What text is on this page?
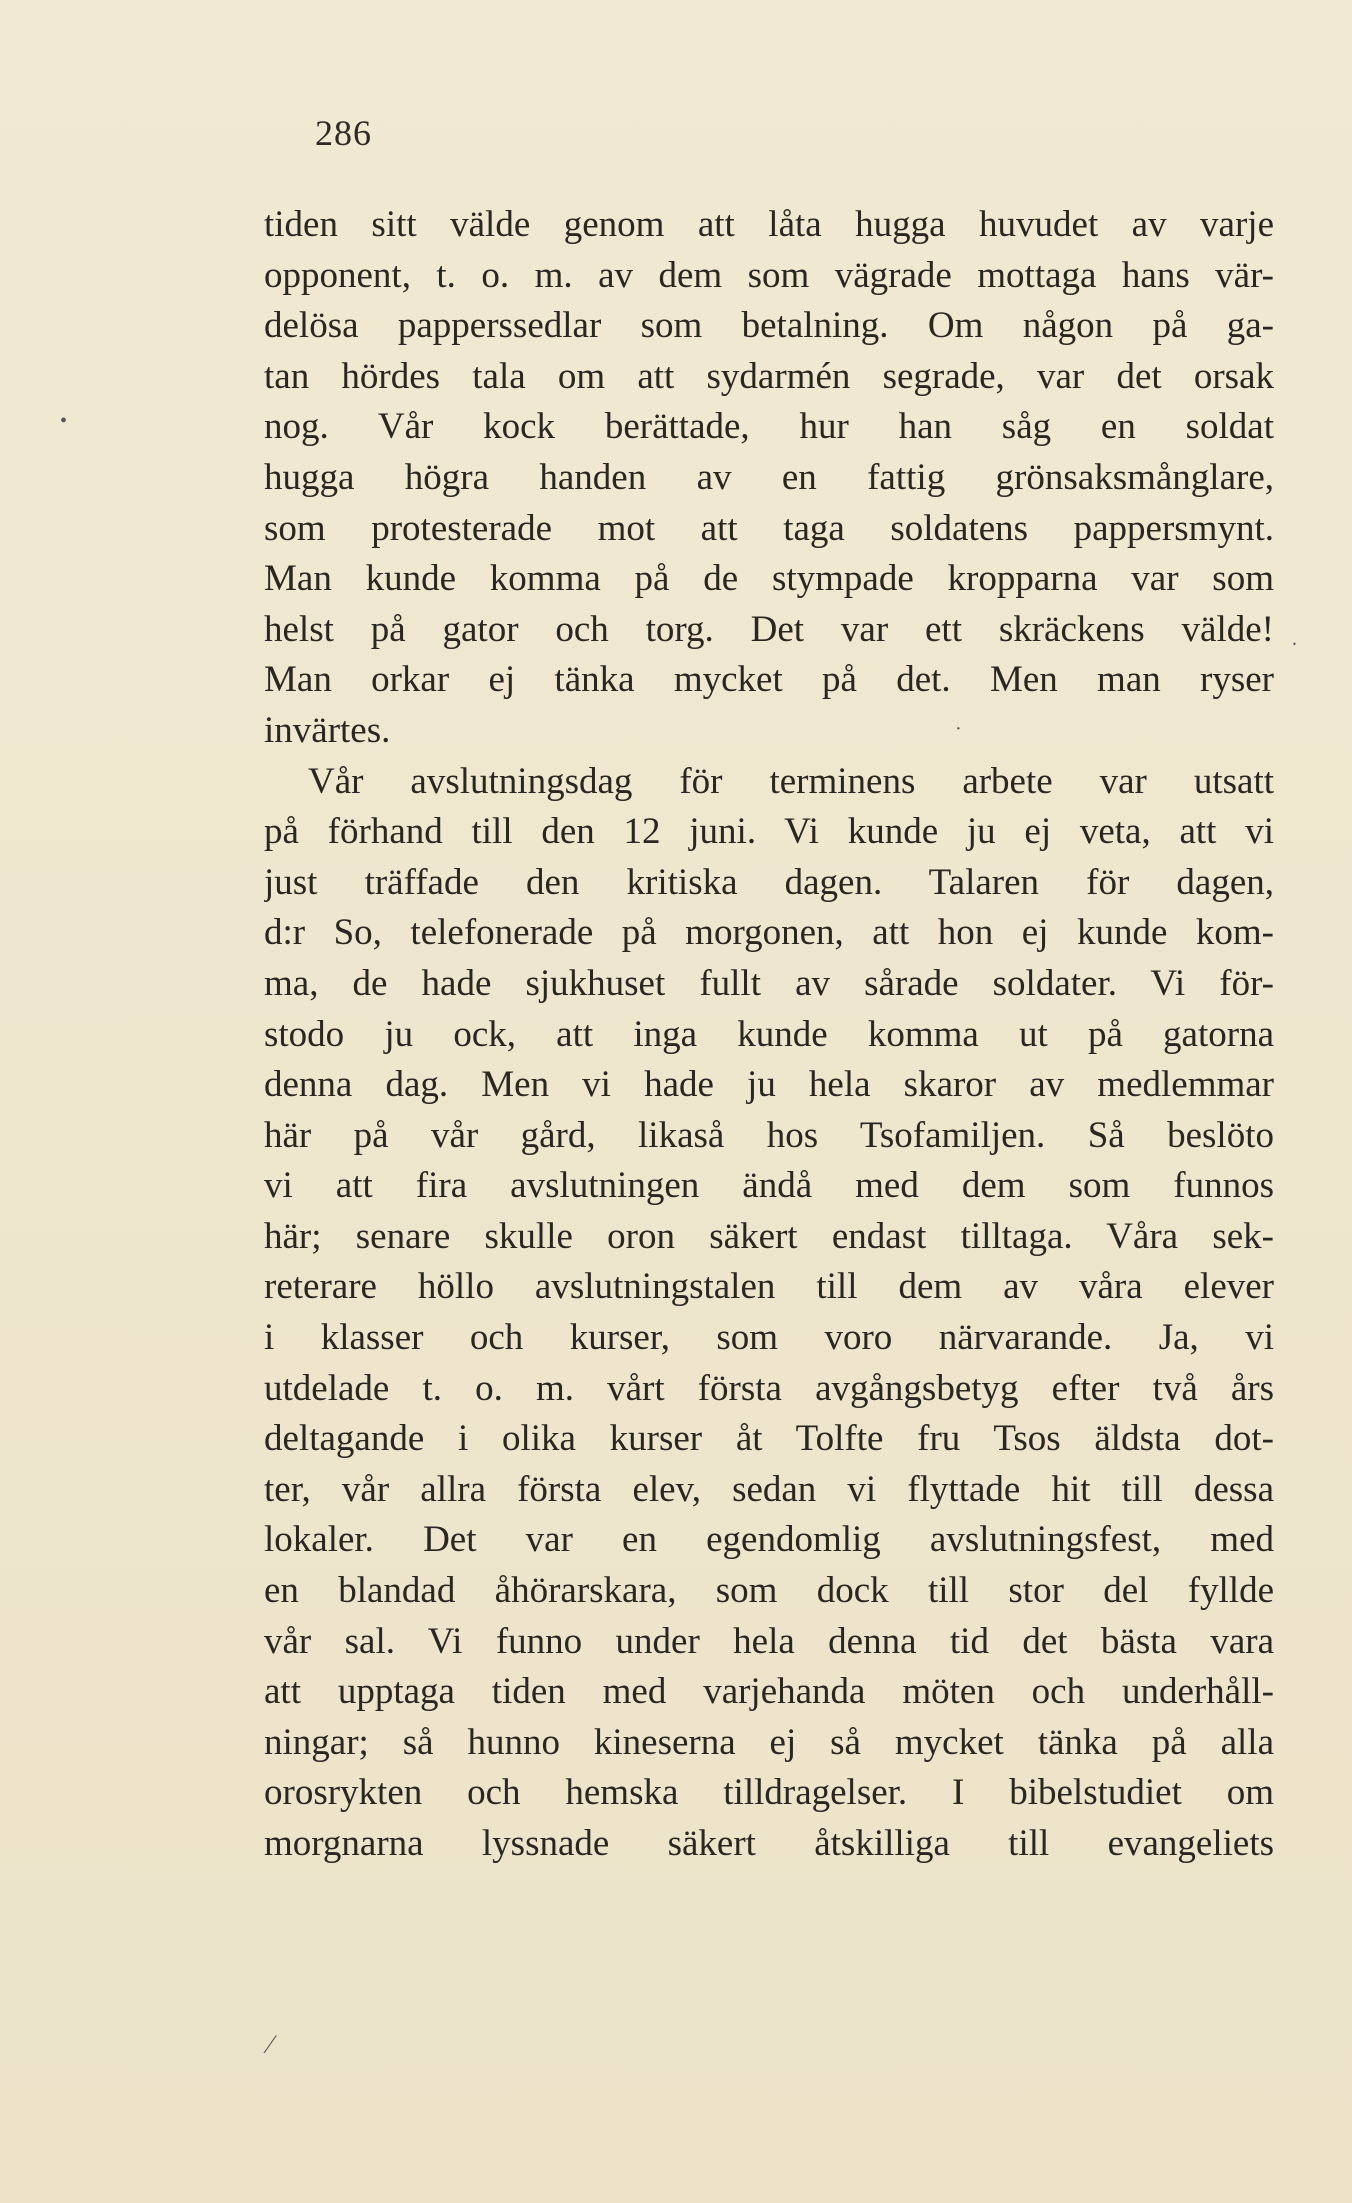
286
tiden sitt välde genom att låta hugga huvudet av varje
opponent, t. o. m. av dem som vägrade mottaga hans vär-
delösa papperssedlar som betalning. Om någon på ga-
tan hördes tala om att sydarmén segrade, var det orsak
nog. Vår kock berättade, hur han såg en soldat
hugga högra handen av en fattig grönsaksmånglare,
som protesterade mot att taga soldatens pappersmynt.
Man kunde komma på de stympade kropparna var som
helst på gator och torg. Det var ett skräckens välde!
Man orkar ej tänka mycket på det. Men man ryser
invärtes.
Vår avslutningsdag för terminens arbete var utsatt
på förhand till den 12 juni. Vi kunde ju ej veta, att vi
just träffade den kritiska dagen. Talaren för dagen,
d:r So, telefonerade på morgonen, att hon ej kunde kom-
ma, de hade sjukhuset fullt av sårade soldater. Vi för-
stodo ju ock, att inga kunde komma ut på gatorna
denna dag. Men vi hade ju hela skaror av medlemmar
här på vår gård, likaså hos Tsofamiljen. Så beslöto
vi att fira avslutningen ändå med dem som funnos
här; senare skulle oron säkert endast tilltaga. Våra sek-
reterare höllo avslutningstalen till dem av våra elever
i klasser och kurser, som voro närvarande. Ja, vi
utdelade t. o. m. vårt första avgångsbetyg efter två års
deltagande i olika kurser åt Tolfte fru Tsos äldsta dot-
ter, vår allra första elev, sedan vi flyttade hit till dessa
lokaler. Det var en egendomlig avslutningsfest, med
en blandad åhörarskara, som dock till stor del fyllde
vår sal. Vi funno under hela denna tid det bästa vara
att upptaga tiden med varjehanda möten och underhåll-
ningar; så hunno kineserna ej så mycket tänka på alla
orosrykten och hemska tilldragelser. I bibelstudiet om
morgnarna lyssnade säkert åtskilliga till evangeliets
•
.
·
⁄
